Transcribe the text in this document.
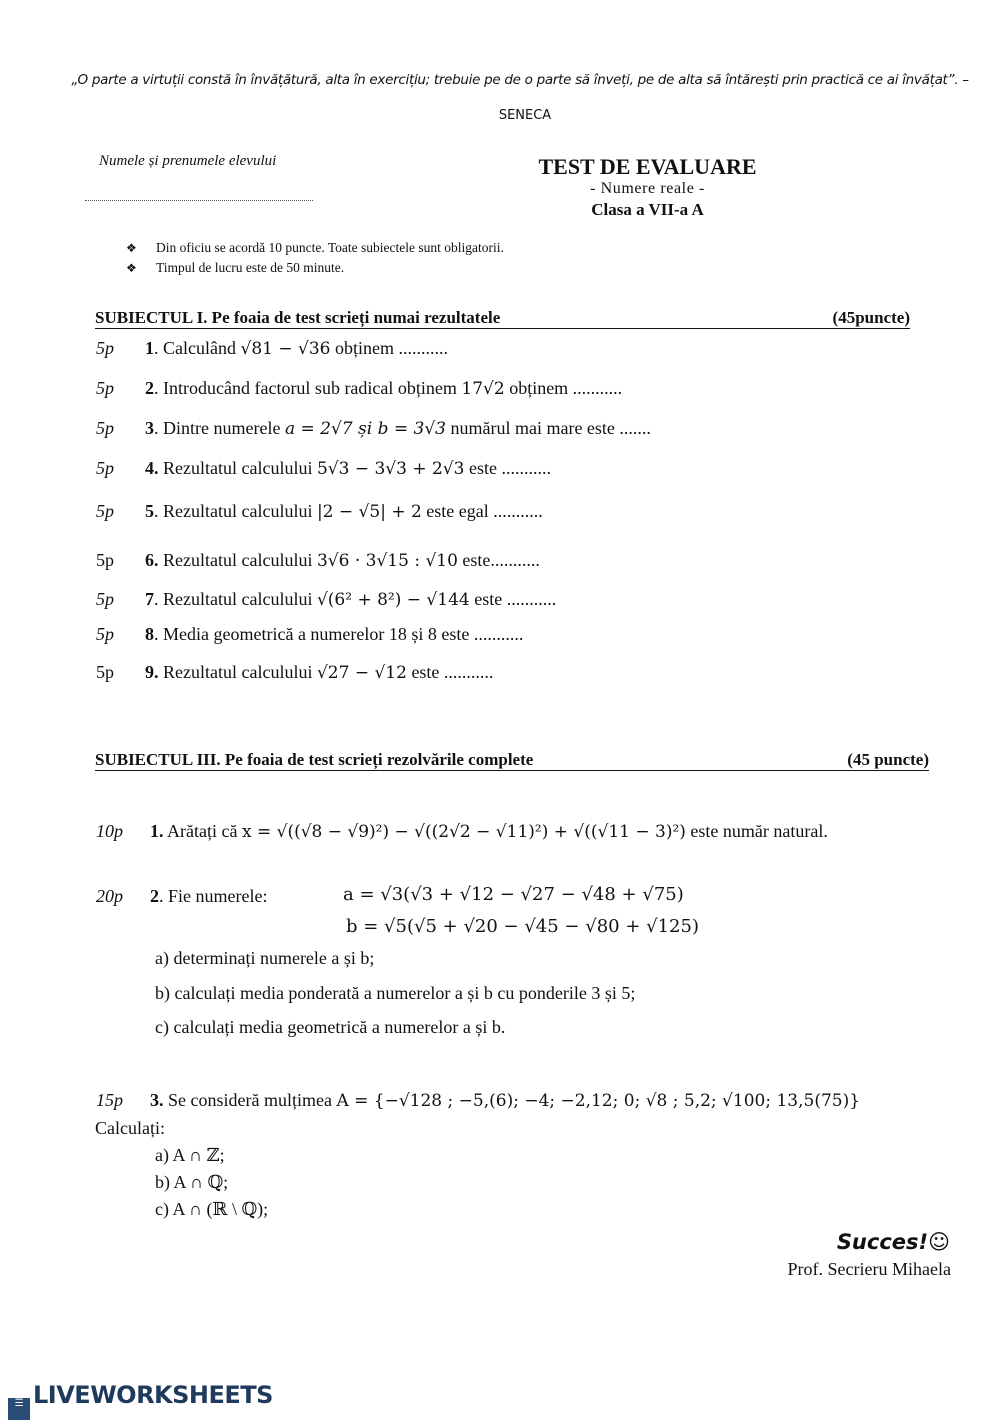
„O parte a virtuții constă în învățătură, alta în exercițiu; trebuie pe de o parte să înveți, pe de alta să întărești prin practică ce ai învățat”. –
SENECA
Numele și prenumele elevului	TEST DE EVALUARE
- Numere reale -
Clasa a VII-a A
❖ Din oficiu se acordă 10 puncte. Toate subiectele sunt obligatorii.
❖ Timpul de lucru este de 50 minute.
SUBIECTUL I. Pe foaia de test scrieți numai rezultatele	(45puncte)
5p 1. Calculând √81 − √36 obținem ...........
5p 2. Introducând factorul sub radical obținem 17√2 obținem ...........
5p 3. Dintre numerele a = 2√7 și b = 3√3 numărul mai mare este .......
5p 4. Rezultatul calculului 5√3 − 3√3 + 2√3 este ...........
5p 5. Rezultatul calculului |2 − √5| + 2 este egal ...........
5p 6. Rezultatul calculului 3√6 · 3√15 : √10 este...........
5p 7. Rezultatul calculului √(6² + 8²) − √144 este ...........
5p 8. Media geometrică a numerelor 18 și 8 este ...........
5p 9. Rezultatul calculului √27 − √12 este ...........
SUBIECTUL III. Pe foaia de test scrieți rezolvările complete	(45 puncte)
10p 1. Arătați că x = √((√8 − √9)²) − √((2√2 − √11)²) + √((√11 − 3)²) este număr natural.
20p 2. Fie numerele:	a = √3(√3 + √12 − √27 − √48 + √75)
b = √5(√5 + √20 − √45 − √80 + √125)
a) determinați numerele a și b;
b) calculați media ponderată a numerelor a și b cu ponderile 3 și 5;
c) calculați media geometrică a numerelor a și b.
15p 3. Se consideră mulțimea A = {−√128 ; −5,(6); −4; −2,12; 0; √8 ; 5,2; √100; 13,5(75)}
Calculați:
a) A ∩ ℤ;
b) A ∩ ℚ;
c) A ∩ (ℝ \ ℚ);
Succes!☺
Prof. Secrieru Mihaela
☰ LIVEWORKSHEETS
